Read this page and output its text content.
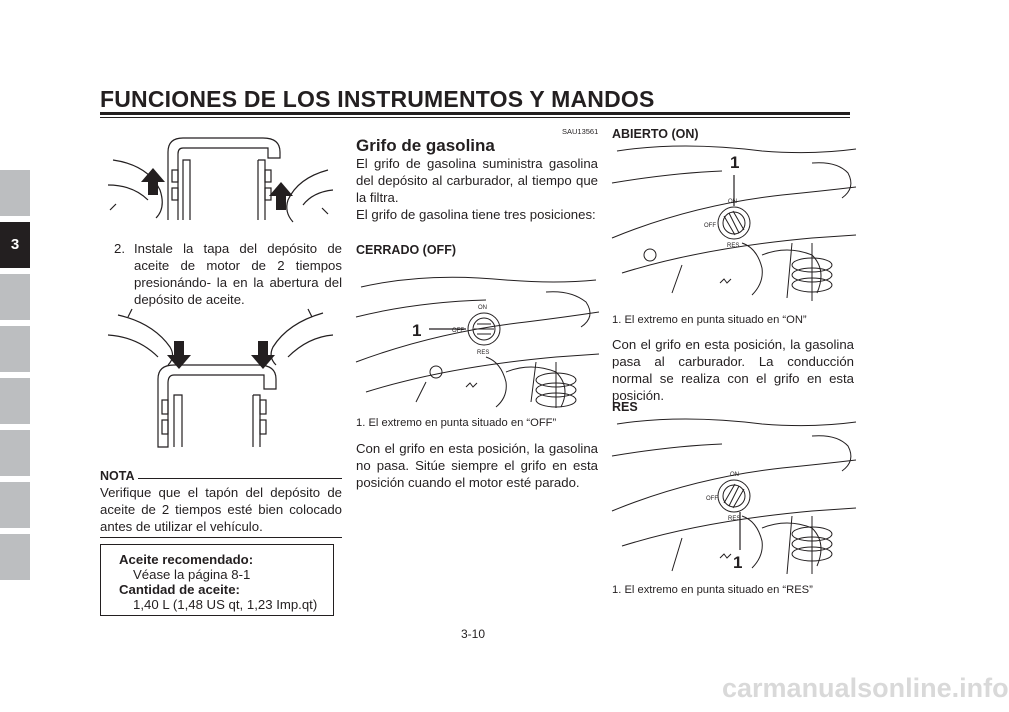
FUNCIONES DE LOS INSTRUMENTOS Y MANDOS
3	2. Instale la tapa del depósito de aceite de motor de 2 tiempos presionándo- la en la abertura del depósito de aceite.
NOTA
Verifique que el tapón del depósito de aceite de 2 tiempos esté bien colocado antes de utilizar el vehículo.
Aceite recomendado:
Véase la página 8-1
Cantidad de aceite:
1,40 L (1,48 US qt, 1,23 Imp.qt)
SAU13561
Grifo de gasolina
El grifo de gasolina suministra gasolina del depósito al carburador, al tiempo que la filtra.
El grifo de gasolina tiene tres posiciones:
CERRADO (OFF)
ON
OFF
RES
1
1. El extremo en punta situado en “OFF”
Con el grifo en esta posición, la gasolina no pasa. Sitúe siempre el grifo en esta posición cuando el motor esté parado.
ABIERTO (ON)
1
ON
OFF
RES
1. El extremo en punta situado en “ON”
Con el grifo en esta posición, la gasolina pasa al carburador. La conducción normal se realiza con el grifo en esta posición.
RES
ON
OFF
RES
1
1. El extremo en punta situado en “RES”
3-10
carmanualsonline.info
